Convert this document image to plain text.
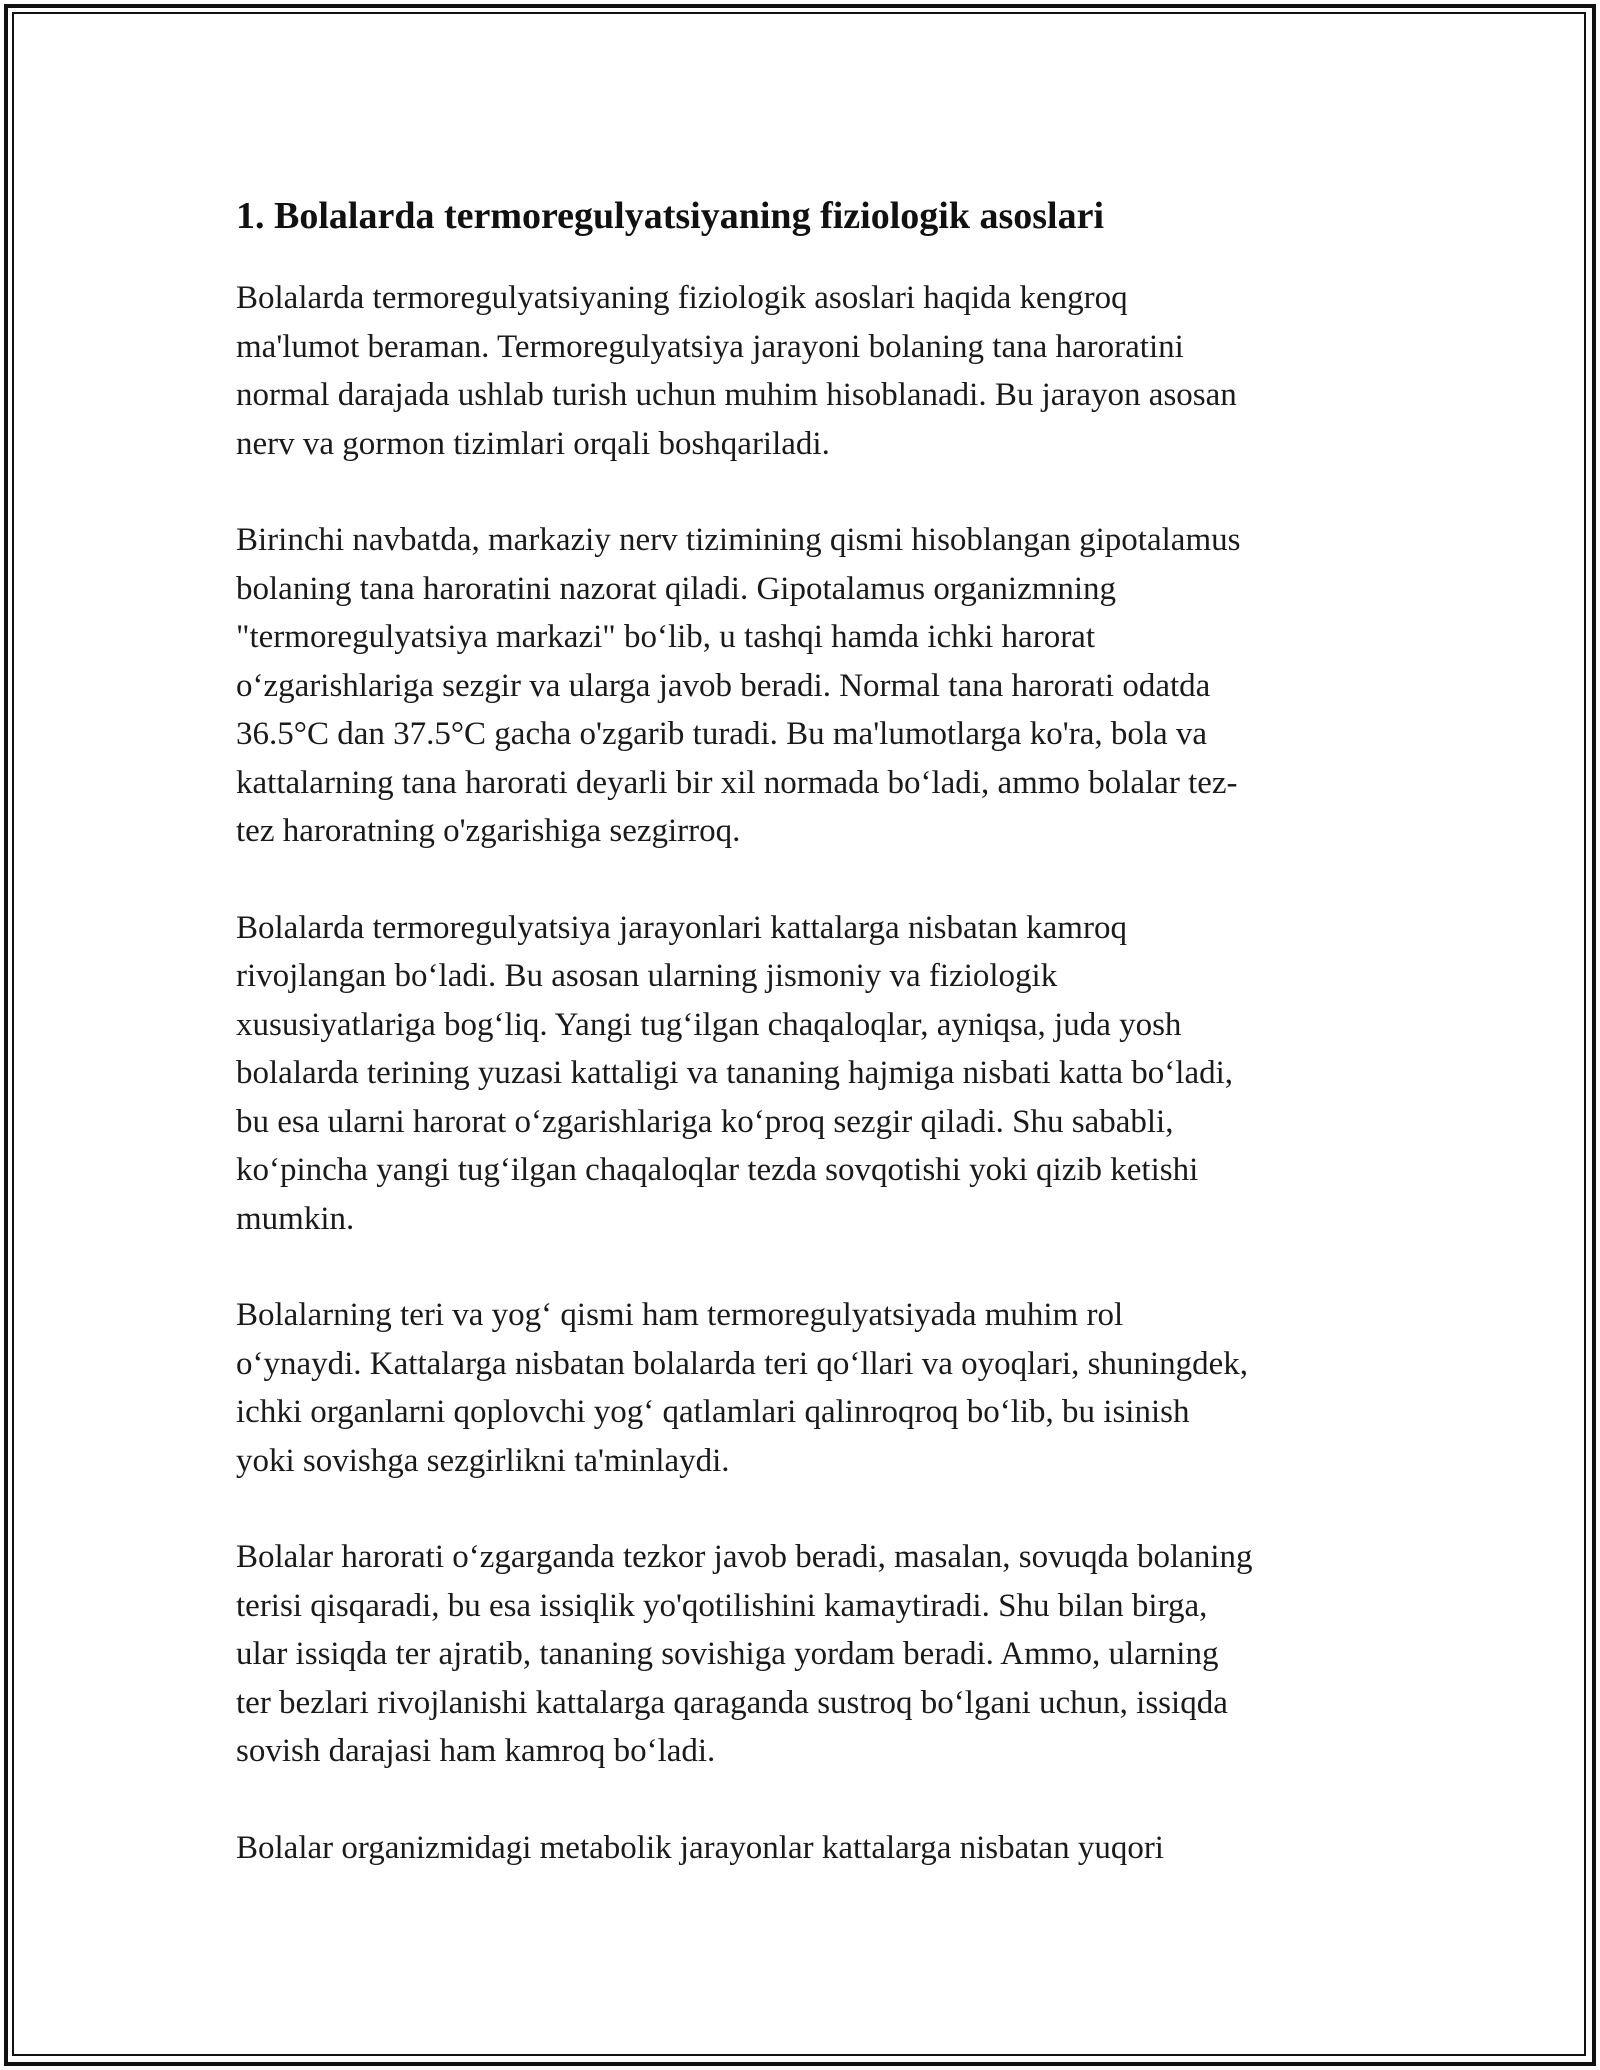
1. Bolalarda termoregulyatsiyaning fiziologik asoslari

Bolalarda termoregulyatsiyaning fiziologik asoslari haqida kengroq
ma'lumot beraman. Termoregulyatsiya jarayoni bolaning tana haroratini
normal darajada ushlab turish uchun muhim hisoblanadi. Bu jarayon asosan
nerv va gormon tizimlari orqali boshqariladi.

Birinchi navbatda, markaziy nerv tizimining qismi hisoblangan gipotalamus
bolaning tana haroratini nazorat qiladi. Gipotalamus organizmning
"termoregulyatsiya markazi" bo‘lib, u tashqi hamda ichki harorat
o‘zgarishlariga sezgir va ularga javob beradi. Normal tana harorati odatda
36.5°C dan 37.5°C gacha o'zgarib turadi. Bu ma'lumotlarga ko'ra, bola va
kattalarning tana harorati deyarli bir xil normada bo‘ladi, ammo bolalar tez-
tez haroratning o'zgarishiga sezgirroq.

Bolalarda termoregulyatsiya jarayonlari kattalarga nisbatan kamroq
rivojlangan bo‘ladi. Bu asosan ularning jismoniy va fiziologik
xususiyatlariga bog‘liq. Yangi tug‘ilgan chaqaloqlar, ayniqsa, juda yosh
bolalarda terining yuzasi kattaligi va tananing hajmiga nisbati katta bo‘ladi,
bu esa ularni harorat o‘zgarishlariga ko‘proq sezgir qiladi. Shu sababli,
ko‘pincha yangi tug‘ilgan chaqaloqlar tezda sovqotishi yoki qizib ketishi
mumkin.

Bolalarning teri va yog‘ qismi ham termoregulyatsiyada muhim rol
o‘ynaydi. Kattalarga nisbatan bolalarda teri qo‘llari va oyoqlari, shuningdek,
ichki organlarni qoplovchi yog‘ qatlamlari qalinroqroq bo‘lib, bu isinish
yoki sovishga sezgirlikni ta'minlaydi.

Bolalar harorati o‘zgarganda tezkor javob beradi, masalan, sovuqda bolaning
terisi qisqaradi, bu esa issiqlik yo'qotilishini kamaytiradi. Shu bilan birga,
ular issiqda ter ajratib, tananing sovishiga yordam beradi. Ammo, ularning
ter bezlari rivojlanishi kattalarga qaraganda sustroq bo‘lgani uchun, issiqda
sovish darajasi ham kamroq bo‘ladi.

Bolalar organizmidagi metabolik jarayonlar kattalarga nisbatan yuqori
